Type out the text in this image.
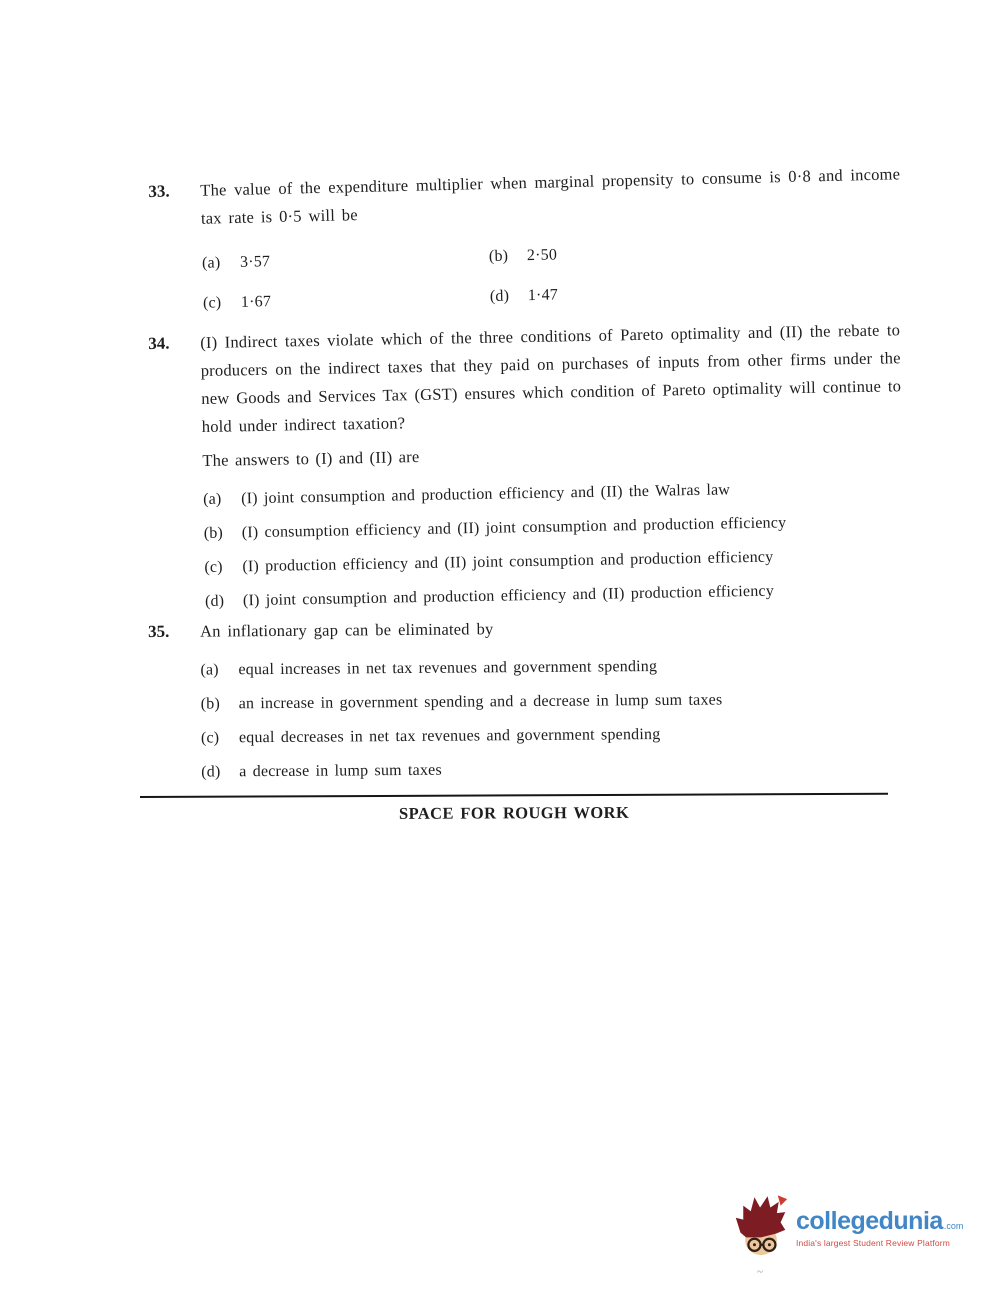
33.	The value of the expenditure multiplier when marginal propensity to consume is 0·8 and income tax rate is 0·5 will be

(a)	3·57	(b)	2·50
(c)	1·67	(d)	1·47
34.	(I) Indirect taxes violate which of the three conditions of Pareto optimality and (II) the rebate to producers on the indirect taxes that they paid on purchases of inputs from other firms under the new Goods and Services Tax (GST) ensures which condition of Pareto optimality will continue to hold under indirect taxation?

The answers to (I) and (II) are

(a)	(I) joint consumption and production efficiency and (II) the Walras law
(b)	(I) consumption efficiency and (II) joint consumption and production efficiency
(c)	(I) production efficiency and (II) joint consumption and production efficiency
(d)	(I) joint consumption and production efficiency and (II) production efficiency
35.	An inflationary gap can be eliminated by

(a)	equal increases in net tax revenues and government spending
(b)	an increase in government spending and a decrease in lump sum taxes
(c)	equal decreases in net tax revenues and government spending
(d)	a decrease in lump sum taxes
SPACE FOR ROUGH WORK
collegedunia .com
India's largest Student Review Platform
~
